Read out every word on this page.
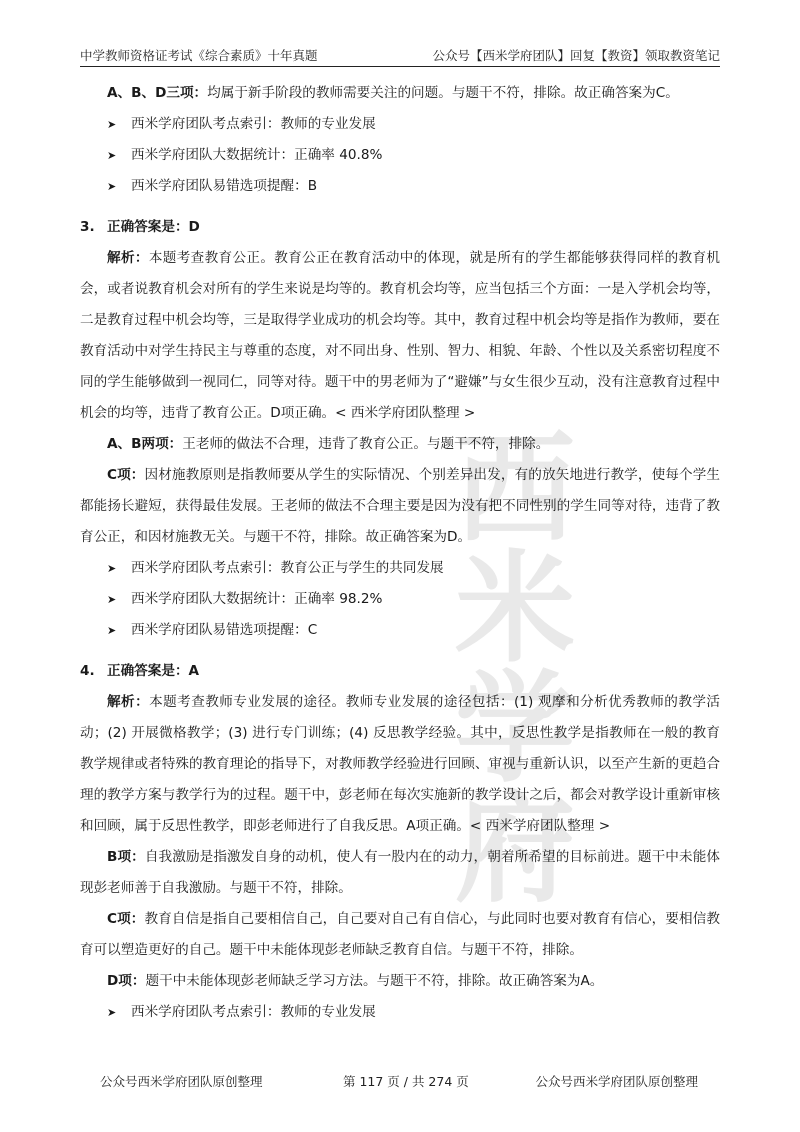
中学教师资格证考试《综合素质》十年真题	公众号【西米学府团队】回复【教资】领取教资笔记
西米
学府

A、B、D三项：均属于新手阶段的教师需要关注的问题。与题干不符，排除。故正确答案为C。

➤	西米学府团队考点索引：教师的专业发展
➤	西米学府团队大数据统计：正确率 40.8%
➤	西米学府团队易错选项提醒：B
3. 正确答案是：D

解析：本题考查教育公正。教育公正在教育活动中的体现，就是所有的学生都能够获得同样的教育机会，或者说教育机会对所有的学生来说是均等的。教育机会均等，应当包括三个方面：一是入学机会均等，二是教育过程中机会均等，三是取得学业成功的机会均等。其中，教育过程中机会均等是指作为教师，要在教育活动中对学生持民主与尊重的态度，对不同出身、性别、智力、相貌、年龄、个性以及关系密切程度不同的学生能够做到一视同仁，同等对待。题干中的男老师为了“避嫌”与女生很少互动，没有注意教育过程中机会的均等，违背了教育公正。D项正确。< 西米学府团队整理 >

A、B两项：王老师的做法不合理，违背了教育公正。与题干不符，排除。

C项：因材施教原则是指教师要从学生的实际情况、个别差异出发，有的放矢地进行教学，使每个学生都能扬长避短，获得最佳发展。王老师的做法不合理主要是因为没有把不同性别的学生同等对待，违背了教育公正，和因材施教无关。与题干不符，排除。故正确答案为D。

➤	西米学府团队考点索引：教育公正与学生的共同发展
➤	西米学府团队大数据统计：正确率 98.2%
➤	西米学府团队易错选项提醒：C
4. 正确答案是：A

解析：本题考查教师专业发展的途径。教师专业发展的途径包括：(1) 观摩和分析优秀教师的教学活动；(2) 开展微格教学；(3) 进行专门训练；(4) 反思教学经验。其中，反思性教学是指教师在一般的教育教学规律或者特殊的教育理论的指导下，对教师教学经验进行回顾、审视与重新认识，以至产生新的更趋合理的教学方案与教学行为的过程。题干中，彭老师在每次实施新的教学设计之后，都会对教学设计重新审核和回顾，属于反思性教学，即彭老师进行了自我反思。A项正确。< 西米学府团队整理 >

B项：自我激励是指激发自身的动机，使人有一股内在的动力，朝着所希望的目标前进。题干中未能体现彭老师善于自我激励。与题干不符，排除。

C项：教育自信是指自己要相信自己，自己要对自己有自信心，与此同时也要对教育有信心，要相信教育可以塑造更好的自己。题干中未能体现彭老师缺乏教育自信。与题干不符，排除。

D项：题干中未能体现彭老师缺乏学习方法。与题干不符，排除。故正确答案为A。

➤	西米学府团队考点索引：教师的专业发展
公众号西米学府团队原创整理	第 117 页 / 共 274 页	公众号西米学府团队原创整理
